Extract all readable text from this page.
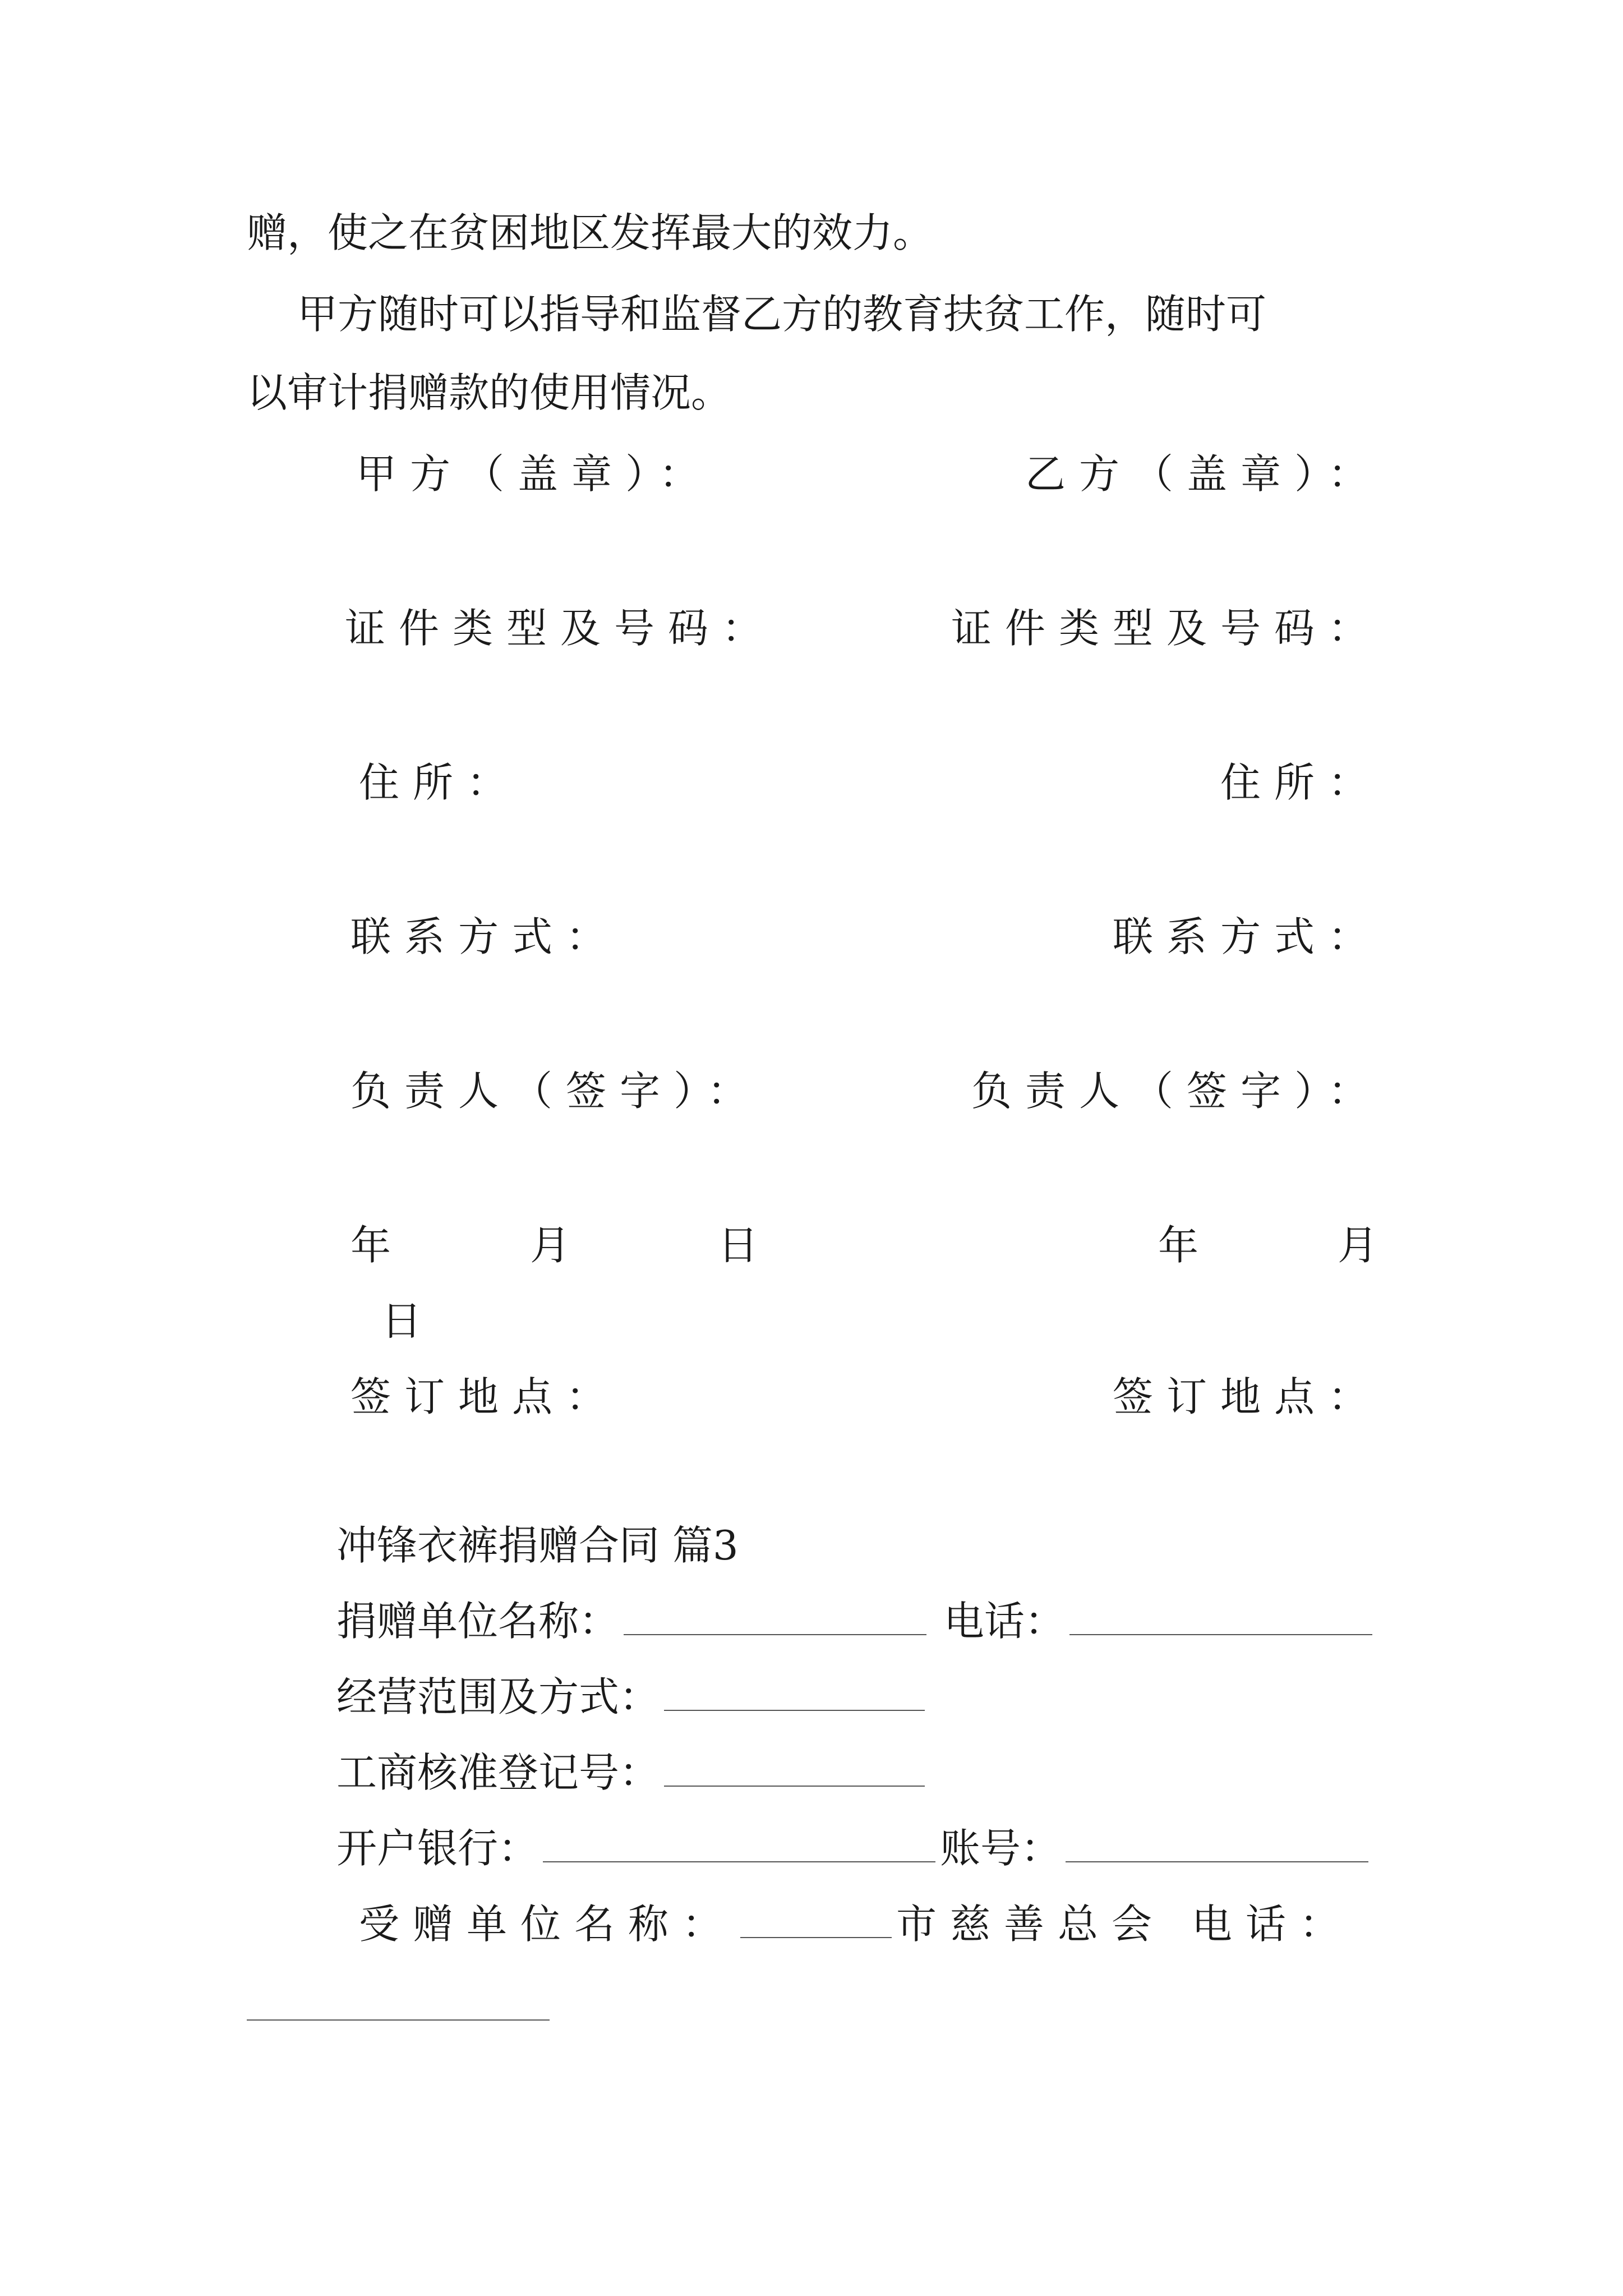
赠，使之在贫困地区发挥最大的效力。
甲方随时可以指导和监督乙方的教育扶贫工作，随时可
以审计捐赠款的使用情况。
甲方（盖章）：	乙方（盖章）：
证件类型及号码：	证件类型及号码：
住所：	住所：
联系方式：	联系方式：
负责人（签字）：	负责人（签字）：
年	月	日	年	月
日
签订地点：	签订地点：
冲锋衣裤捐赠合同 篇3
捐赠单位名称：	电话：
经营范围及方式：
工商核准登记号：
开户银行：	账号：
受赠单位名称：	市慈善总会 电话：
